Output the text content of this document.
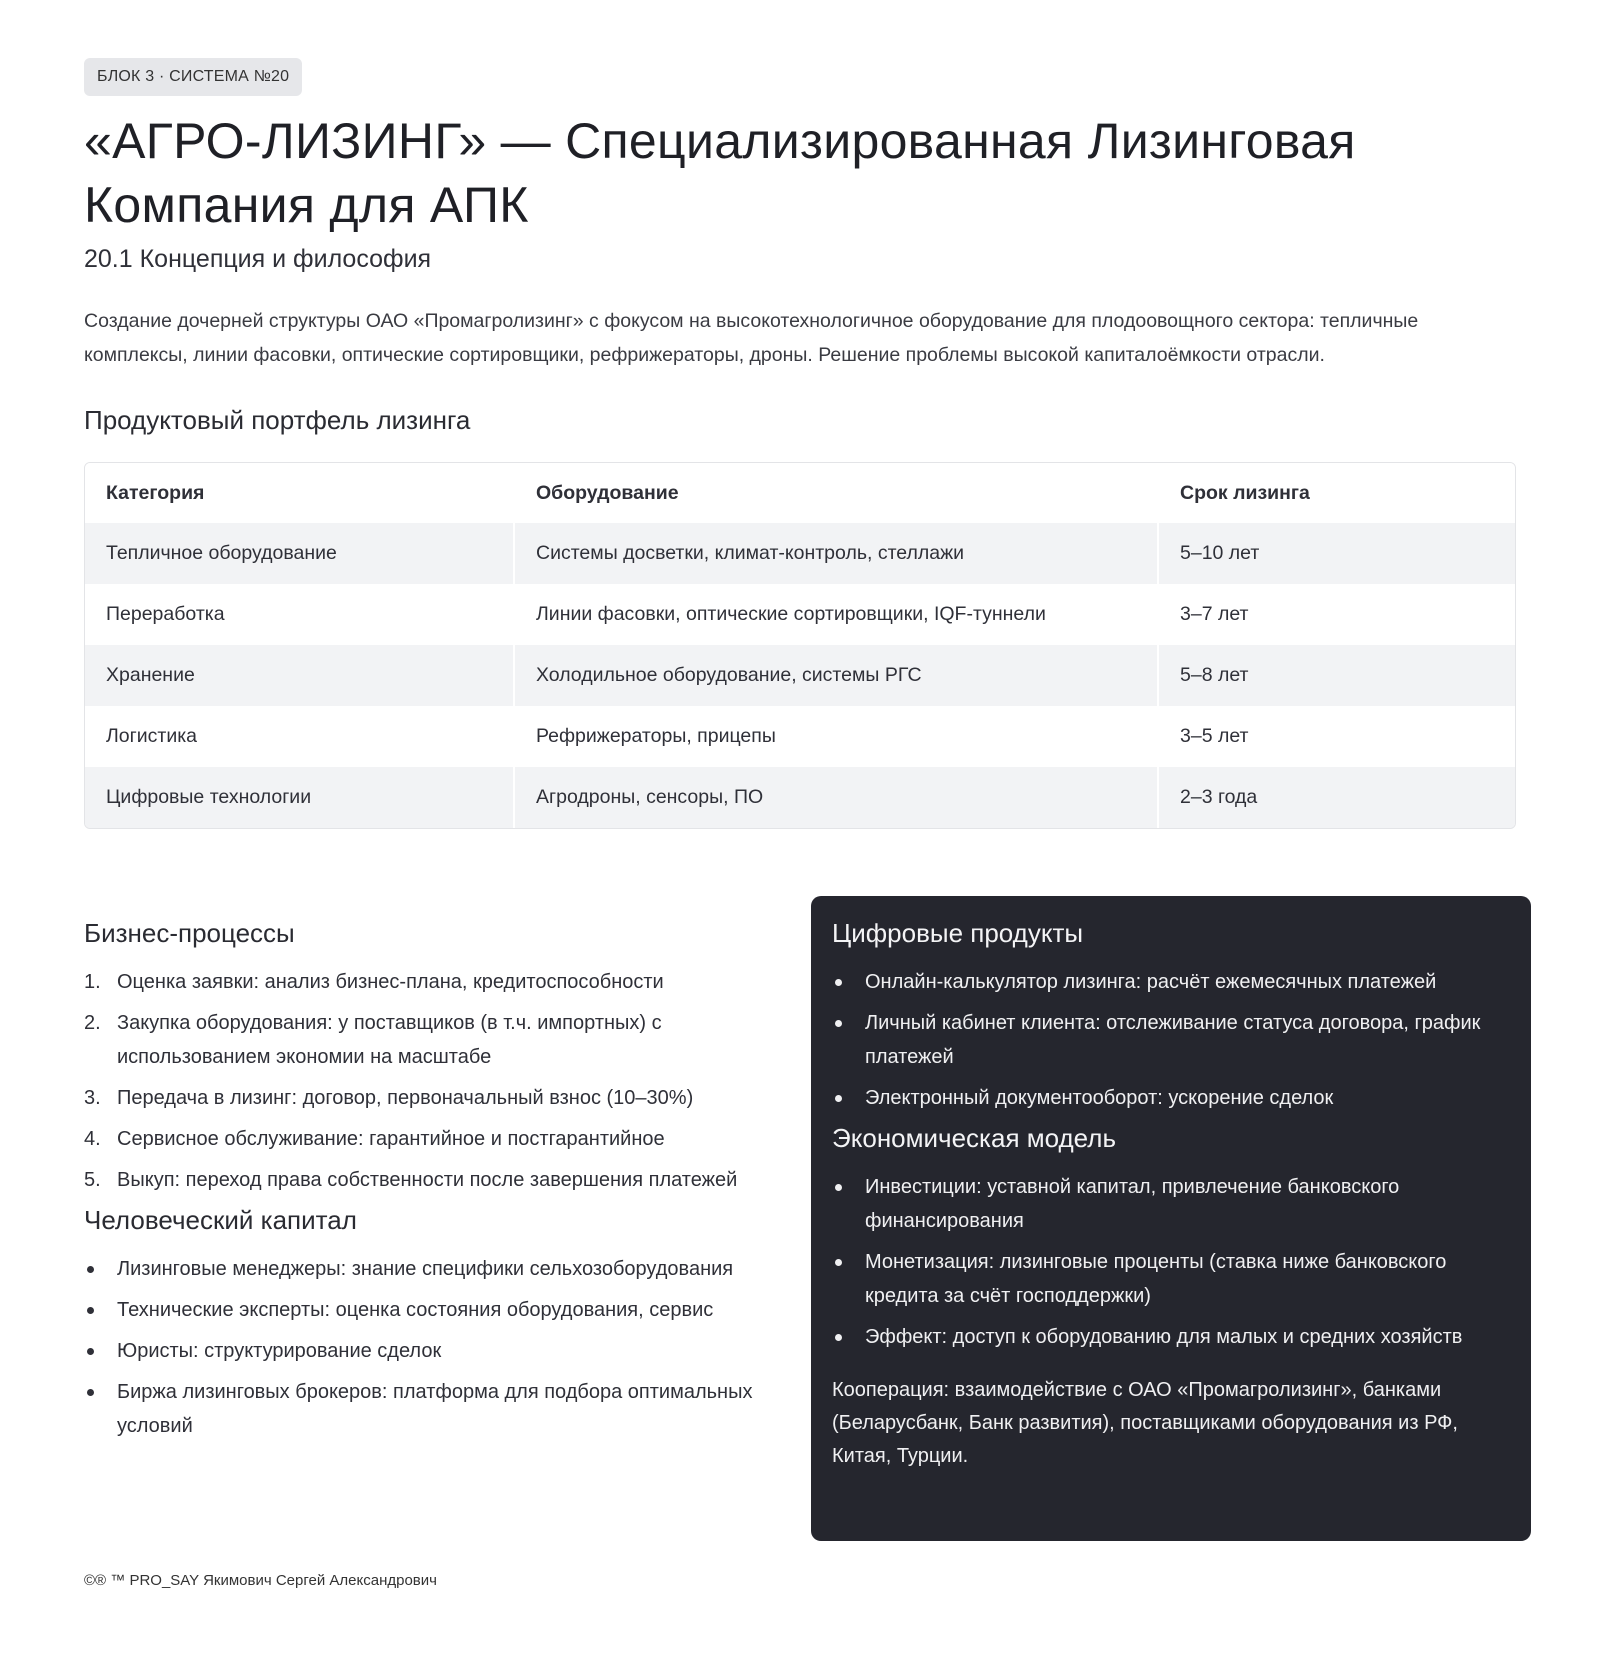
БЛОК 3 · СИСТЕМА №20
«АГРО-ЛИЗИНГ» — Специализированная Лизинговая Компания для АПК
20.1 Концепция и философия

Создание дочерней структуры ОАО «Промагролизинг» с фокусом на высокотехнологичное оборудование для плодоовощного сектора: тепличные комплексы, линии фасовки, оптические сортировщики, рефрижераторы, дроны. Решение проблемы высокой капиталоёмкости отрасли.

Продуктовый портфель лизинга
Категория	Оборудование	Срок лизинга
Тепличное оборудование	Системы досветки, климат-контроль, стеллажи	5–10 лет
Переработка	Линии фасовки, оптические сортировщики, IQF-туннели	3–7 лет
Хранение	Холодильное оборудование, системы РГС	5–8 лет
Логистика	Рефрижераторы, прицепы	3–5 лет
Цифровые технологии	Агродроны, сенсоры, ПО	2–3 года
Бизнес-процессы
1. Оценка заявки: анализ бизнес-плана, кредитоспособности
2. Закупка оборудования: у поставщиков (в т.ч. импортных) с использованием экономии на масштабе
3. Передача в лизинг: договор, первоначальный взнос (10–30%)
4. Сервисное обслуживание: гарантийное и постгарантийное
5. Выкуп: переход права собственности после завершения платежей
Человеческий капитал
Лизинговые менеджеры: знание специфики сельхозоборудования
Технические эксперты: оценка состояния оборудования, сервис
Юристы: структурирование сделок
Биржа лизинговых брокеров: платформа для подбора оптимальных условий
Цифровые продукты
Онлайн-калькулятор лизинга: расчёт ежемесячных платежей
Личный кабинет клиента: отслеживание статуса договора, график платежей
Электронный документооборот: ускорение сделок
Экономическая модель
Инвестиции: уставной капитал, привлечение банковского финансирования
Монетизация: лизинговые проценты (ставка ниже банковского кредита за счёт господдержки)
Эффект: доступ к оборудованию для малых и средних хозяйств

Кооперация: взаимодействие с ОАО «Промагролизинг», банками (Беларусбанк, Банк развития), поставщиками оборудования из РФ, Китая, Турции.

©® ™ PRO_SAY Якимович Сергей Александрович
